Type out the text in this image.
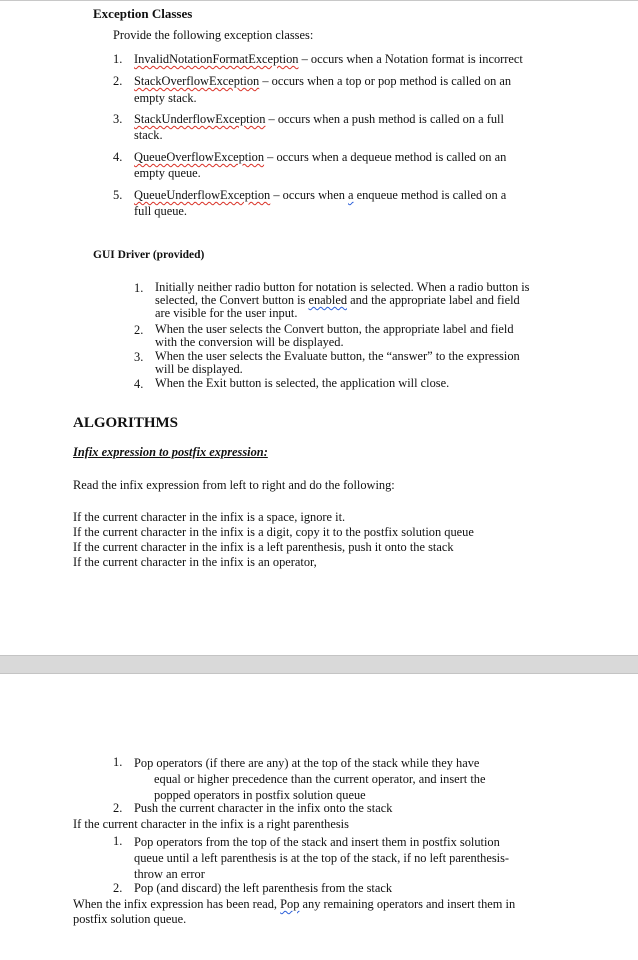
Exception Classes
Provide the following exception classes:
1. InvalidNotationFormatException – occurs when a Notation format is incorrect
2. StackOverflowException – occurs when a top or pop method is called on an
empty stack.
3. StackUnderflowException – occurs when a push method is called on a full
stack.
4. QueueOverflowException – occurs when a dequeue method is called on an
empty queue.
5. QueueUnderflowException – occurs when a enqueue method is called on a
full queue.
GUI Driver (provided)
1. Initially neither radio button for notation is selected. When a radio button is
selected, the Convert button is enabled and the appropriate label and field
are visible for the user input.
2. When the user selects the Convert button, the appropriate label and field
with the conversion will be displayed.
3. When the user selects the Evaluate button, the “answer” to the expression
will be displayed.
4. When the Exit button is selected, the application will close.
ALGORITHMS
Infix expression to postfix expression:
Read the infix expression from left to right and do the following:
If the current character in the infix is a space, ignore it.
If the current character in the infix is a digit, copy it to the postfix solution queue
If the current character in the infix is a left parenthesis, push it onto the stack
If the current character in the infix is an operator,
1. Pop operators (if there are any) at the top of the stack while they have
equal or higher precedence than the current operator, and insert the
popped operators in postfix solution queue
2. Push the current character in the infix onto the stack
If the current character in the infix is a right parenthesis
1. Pop operators from the top of the stack and insert them in postfix solution
queue until a left parenthesis is at the top of the stack, if no left parenthesis-
throw an error
2. Pop (and discard) the left parenthesis from the stack
When the infix expression has been read, Pop any remaining operators and insert them in
postfix solution queue.
